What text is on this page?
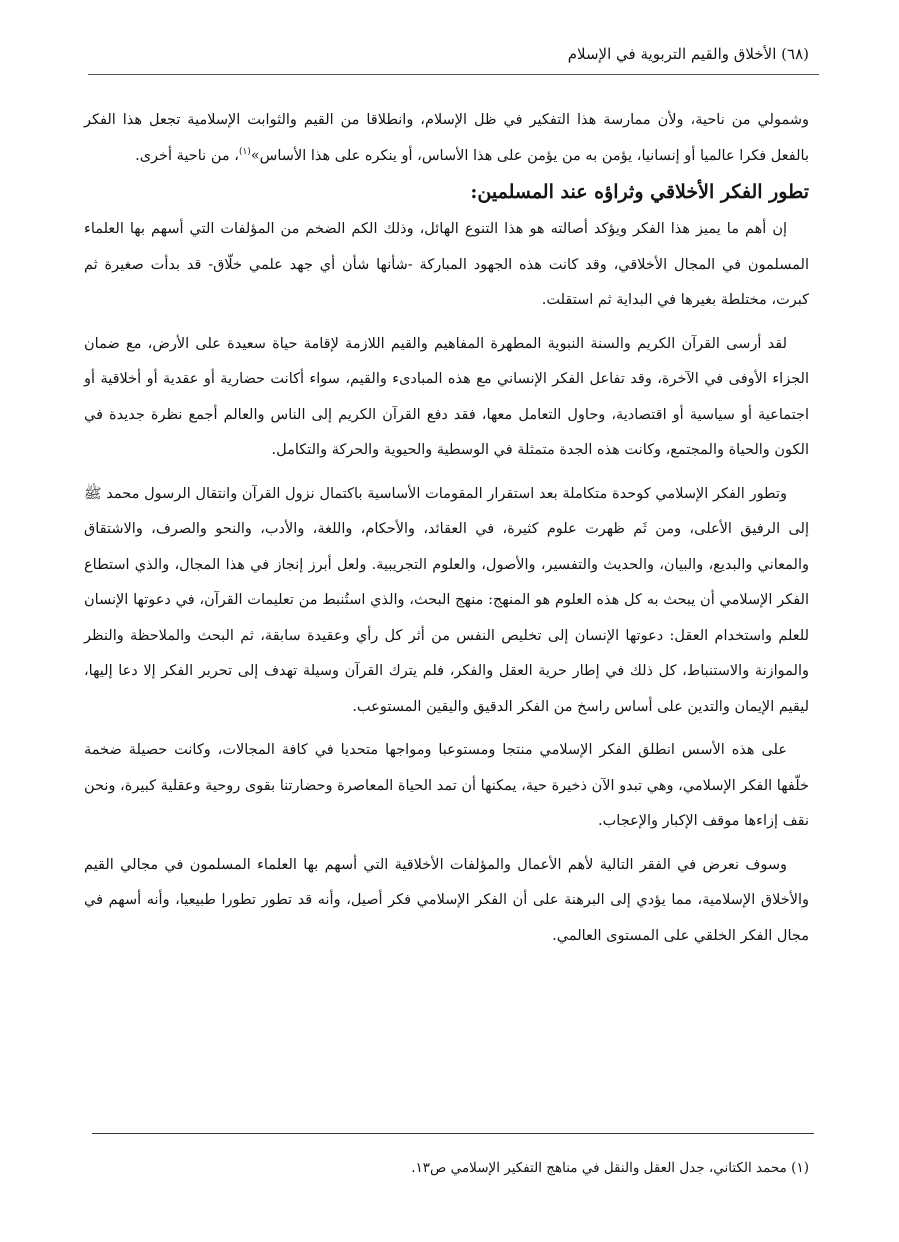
(٦٨) الأخلاق والقيم التربوية في الإسلام

وشمولي من ناحية، ولأن ممارسة هذا التفكير في ظل الإسلام، وانطلاقا من القيم والثوابت الإسلامية تجعل هذا الفكر بالفعل فكرا عالميا أو إنسانيا، يؤمن به من يؤمن على هذا الأساس، أو ينكره على هذا الأساس»$^{(١)}$، من ناحية أخرى.

تطور الفكر الأخلاقي وثراؤه عند المسلمين:

إن أهم ما يميز هذا الفكر ويؤكد أصالته هو هذا التنوع الهائل، وذلك الكم الضخم من المؤلفات التي أسهم بها العلماء المسلمون في المجال الأخلاقي، وقد كانت هذه الجهود المباركة -شأنها شأن أي جهد علمي خلّاق- قد بدأت صغيرة ثم كبرت، مختلطة بغيرها في البداية ثم استقلت.

لقد أرسى القرآن الكريم والسنة النبوية المطهرة المفاهيم والقيم اللازمة لإقامة حياة سعيدة على الأرض، مع ضمان الجزاء الأوفى في الآخرة، وقد تفاعل الفكر الإنساني مع هذه المبادىء والقيم، سواء أكانت حضارية أو عقدية أو أخلاقية أو اجتماعية أو سياسية أو اقتصادية، وحاول التعامل معها، فقد دفع القرآن الكريم إلى الناس والعالم أجمع نظرة جديدة في الكون والحياة والمجتمع، وكانت هذه الجدة متمثلة في الوسطية والحيوية والحركة والتكامل.

وتطور الفكر الإسلامي كوحدة متكاملة بعد استقرار المقومات الأساسية باكتمال نزول القرآن وانتقال الرسول محمد ﷺ إلى الرفيق الأعلى، ومن ثَم ظهرت علوم كثيرة، في العقائد، والأحكام، واللغة، والأدب، والنحو والصرف، والاشتقاق والمعاني والبديع، والبيان، والحديث والتفسير، والأصول، والعلوم التجريبية. ولعل أبرز إنجاز في هذا المجال، والذي استطاع الفكر الإسلامي أن يبحث به كل هذه العلوم هو المنهج: منهج البحث، والذي استُنبط من تعليمات القرآن، في دعوتها الإنسان للعلم واستخدام العقل: دعوتها الإنسان إلى تخليص النفس من أثر كل رأي وعقيدة سابقة، ثم البحث والملاحظة والنظر والموازنة والاستنباط، كل ذلك في إطار حرية العقل والفكر، فلم يترك القرآن وسيلة تهدف إلى تحرير الفكر إلا دعا إليها، ليقيم الإيمان والتدين على أساس راسخ من الفكر الدقيق واليقين المستوعب.

على هذه الأسس انطلق الفكر الإسلامي منتجا ومستوعبا ومواجها متحديا في كافة المجالات، وكانت حصيلة ضخمة خلّفها الفكر الإسلامي، وهي تبدو الآن ذخيرة حية، يمكنها أن تمد الحياة المعاصرة وحضارتنا بقوى روحية وعقلية كبيرة، ونحن نقف إزاءها موقف الإكبار والإعجاب.

وسوف نعرض في الفقر التالية لأهم الأعمال والمؤلفات الأخلاقية التي أسهم بها العلماء المسلمون في مجالي القيم والأخلاق الإسلامية، مما يؤدي إلى البرهنة على أن الفكر الإسلامي فكر أصيل، وأنه قد تطور تطورا طبيعيا، وأنه أسهم في مجال الفكر الخلقي على المستوى العالمي.

(١) محمد الكتاني، جدل العقل والنقل في مناهج التفكير الإسلامي ص١٣.
